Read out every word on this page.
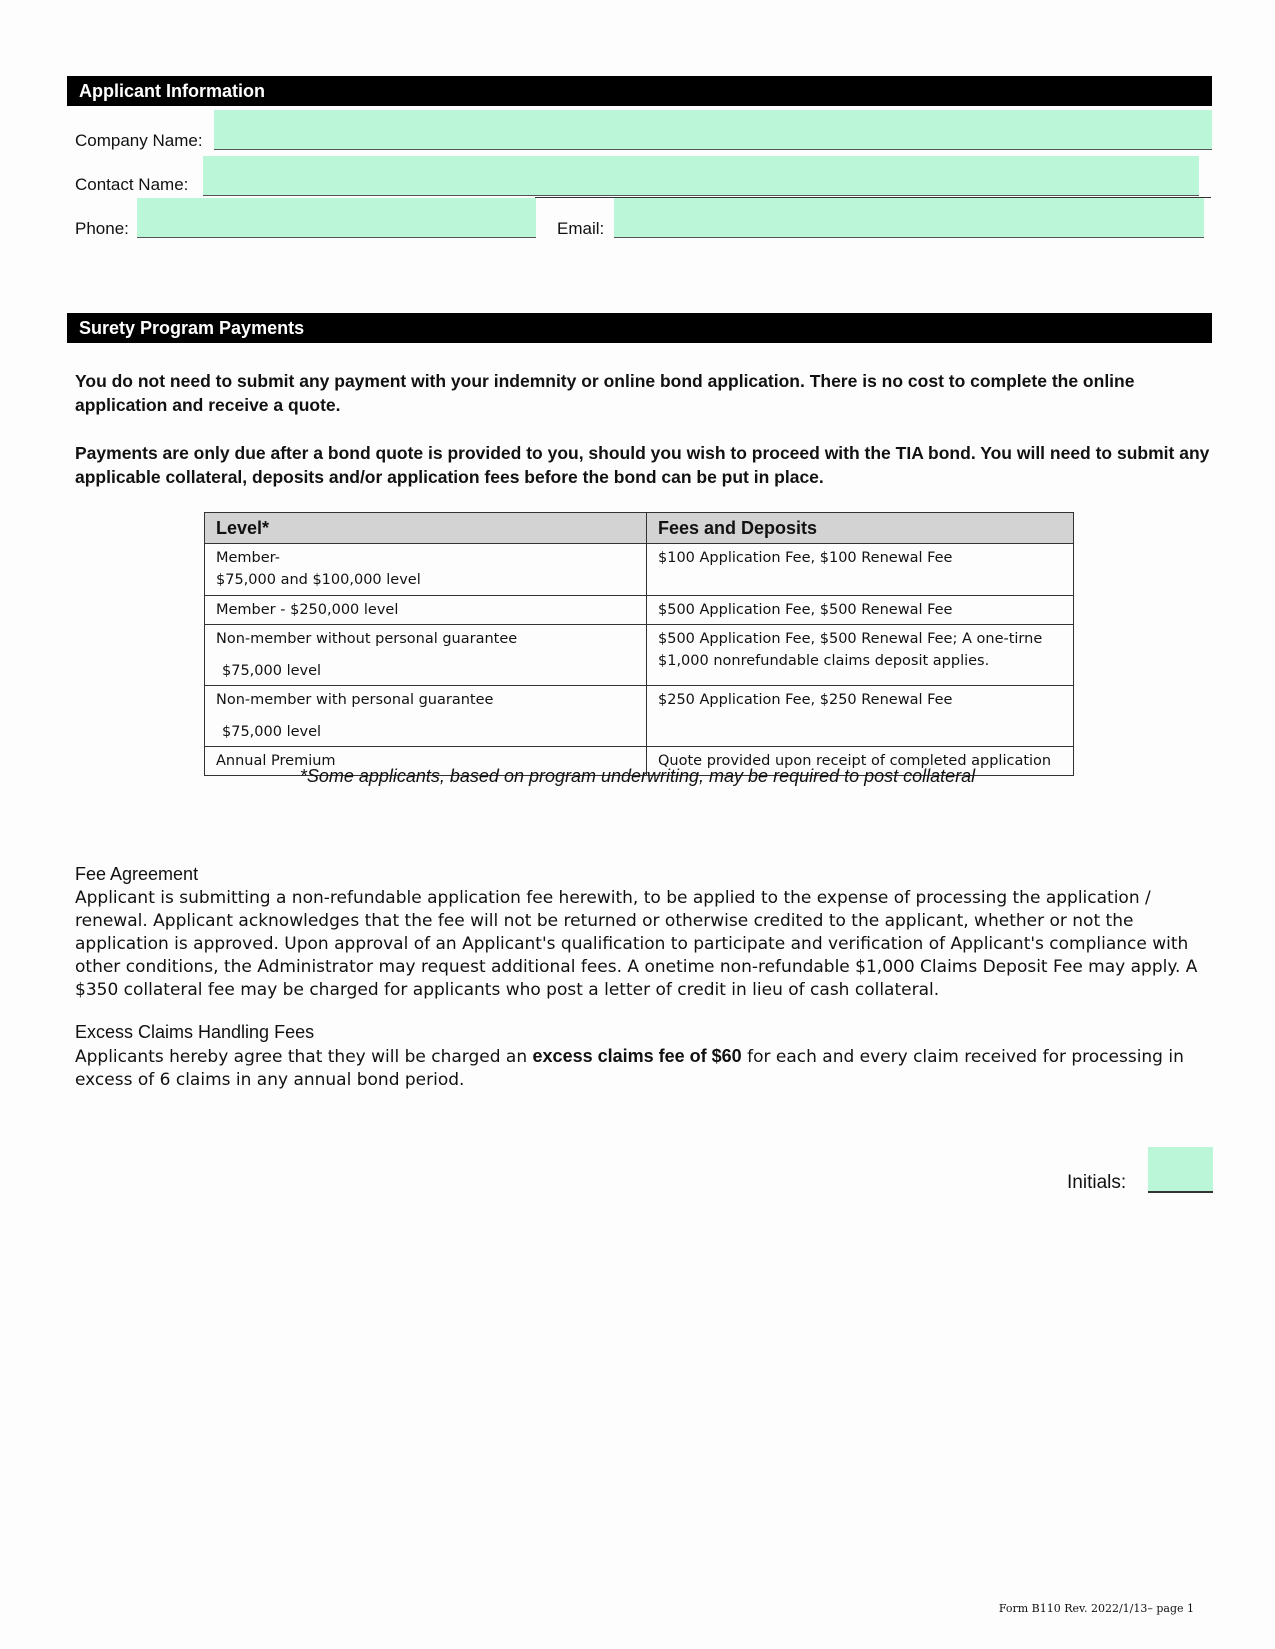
Applicant Information
Company Name:
Contact Name:
Phone:	Email:
Surety Program Payments
You do not need to submit any payment with your indemnity or online bond application. There is no cost to complete the online application and receive a quote.
Payments are only due after a bond quote is provided to you, should you wish to proceed with the TIA bond. You will need to submit any applicable collateral, deposits and/or application fees before the bond can be put in place.
Level*	Fees and Deposits
Member-
$75,000 and $100,000 level	$100 Application Fee, $100 Renewal Fee
Member - $250,000 level	$500 Application Fee, $500 Renewal Fee
Non-member without personal guarantee
$75,000 level	$500 Application Fee, $500 Renewal Fee; A one-tirne $1,000 nonrefundable claims deposit applies.
Non-member with personal guarantee
$75,000 level	$250 Application Fee, $250 Renewal Fee
Annual Premium	Quote provided upon receipt of completed application
*Some applicants, based on program underwriting, may be required to post collateral
Fee Agreement
Applicant is submitting a non-refundable application fee herewith, to be applied to the expense of processing the application / renewal. Applicant acknowledges that the fee will not be returned or otherwise credited to the applicant, whether or not the application is approved. Upon approval of an Applicant's qualification to participate and verification of Applicant's compliance with other conditions, the Administrator may request additional fees. A onetime non-refundable $1,000 Claims Deposit Fee may apply. A $350 collateral fee may be charged for applicants who post a letter of credit in lieu of cash collateral.
Excess Claims Handling Fees
Applicants hereby agree that they will be charged an excess claims fee of $60 for each and every claim received for processing in excess of 6 claims in any annual bond period.
Initials:
Form B110 Rev. 2022/1/13– page 1
